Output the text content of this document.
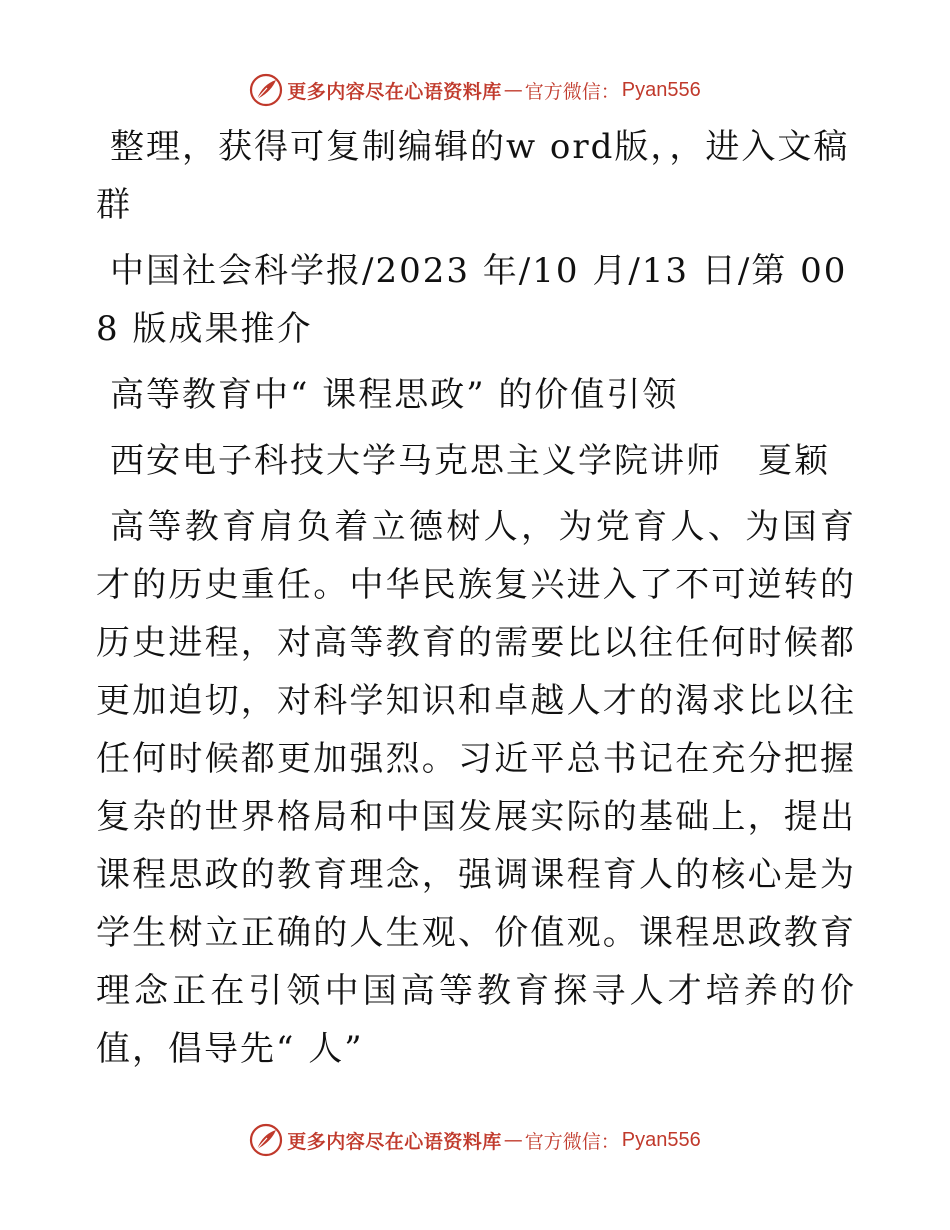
更多内容尽在心语资料库 — 官方微信： Pyan556

整理，获得可复制编辑的w ord版，，进入文稿群

中国社会科学报/2023 年/10 月/13 日/第 008 版成果推介

高等教育中“ 课程思政” 的价值引领

西安电子科技大学马克思主义学院讲师　夏颖

高等教育肩负着立德树人，为党育人、为国育才的历史重任。中华民族复兴进入了不可逆转的历史进程，对高等教育的需要比以往任何时候都更加迫切，对科学知识和卓越人才的渴求比以往任何时候都更加强烈。习近平总书记在充分把握复杂的世界格局和中国发展实际的基础上，提出课程思政的教育理念，强调课程育人的核心是为学生树立正确的人生观、价值观。课程思政教育理念正在引领中国高等教育探寻人才培养的价值，倡导先“ 人”

更多内容尽在心语资料库 — 官方微信： Pyan556
